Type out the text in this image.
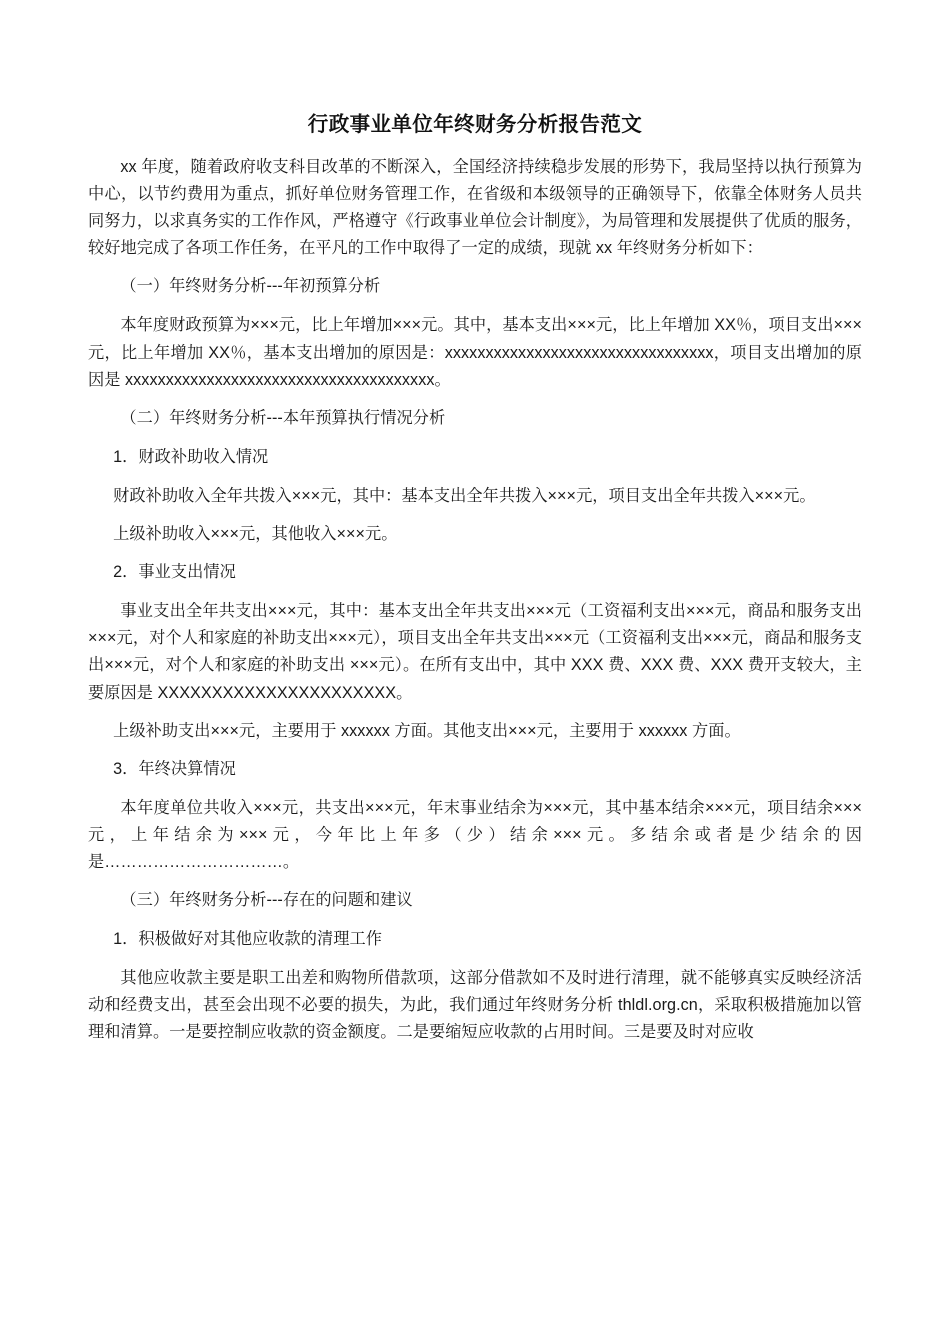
行政事业单位年终财务分析报告范文

xx 年度，随着政府收支科目改革的不断深入，全国经济持续稳步发展的形势下，我局坚持以执行预算为中心，以节约费用为重点，抓好单位财务管理工作，在省级和本级领导的正确领导下，依靠全体财务人员共同努力，以求真务实的工作作风，严格遵守《行政事业单位会计制度》，为局管理和发展提供了优质的服务，较好地完成了各项工作任务，在平凡的工作中取得了一定的成绩，现就 xx 年终财务分析如下：

（一）年终财务分析---年初预算分析

本年度财政预算为×××元，比上年增加×××元。其中，基本支出×××元，比上年增加 XX％，项目支出×××元，比上年增加 XX％，基本支出增加的原因是：xxxxxxxxxxxxxxxxxxxxxxxxxxxxxxxxx，项目支出增加的原因是 xxxxxxxxxxxxxxxxxxxxxxxxxxxxxxxxxxxxxx。

（二）年终财务分析---本年预算执行情况分析

1．财政补助收入情况

财政补助收入全年共拨入×××元，其中：基本支出全年共拨入×××元，项目支出全年共拨入×××元。

上级补助收入×××元，其他收入×××元。

2．事业支出情况

事业支出全年共支出×××元，其中：基本支出全年共支出×××元（工资福利支出×××元，商品和服务支出×××元，对个人和家庭的补助支出×××元），项目支出全年共支出×××元（工资福利支出×××元，商品和服务支出×××元，对个人和家庭的补助支出 ×××元）。在所有支出中，其中 XXX 费、XXX 费、XXX 费开支较大，主要原因是 XXXXXXXXXXXXXXXXXXXXXX。

上级补助支出×××元，主要用于 xxxxxx 方面。其他支出×××元，主要用于 xxxxxx 方面。

3．年终决算情况

本年度单位共收入×××元，共支出×××元，年末事业结余为×××元，其中基本结余×××元，项目结余×××元，上年结余为×××元，今年比上年多（少）结余×××元。多结余或者是少结余的因是……………………………。

（三）年终财务分析---存在的问题和建议

1．积极做好对其他应收款的清理工作

其他应收款主要是职工出差和购物所借款项，这部分借款如不及时进行清理，就不能够真实反映经济活动和经费支出，甚至会出现不必要的损失，为此，我们通过年终财务分析 thldl.org.cn，采取积极措施加以管理和清算。一是要控制应收款的资金额度。二是要缩短应收款的占用时间。三是要及时对应收
